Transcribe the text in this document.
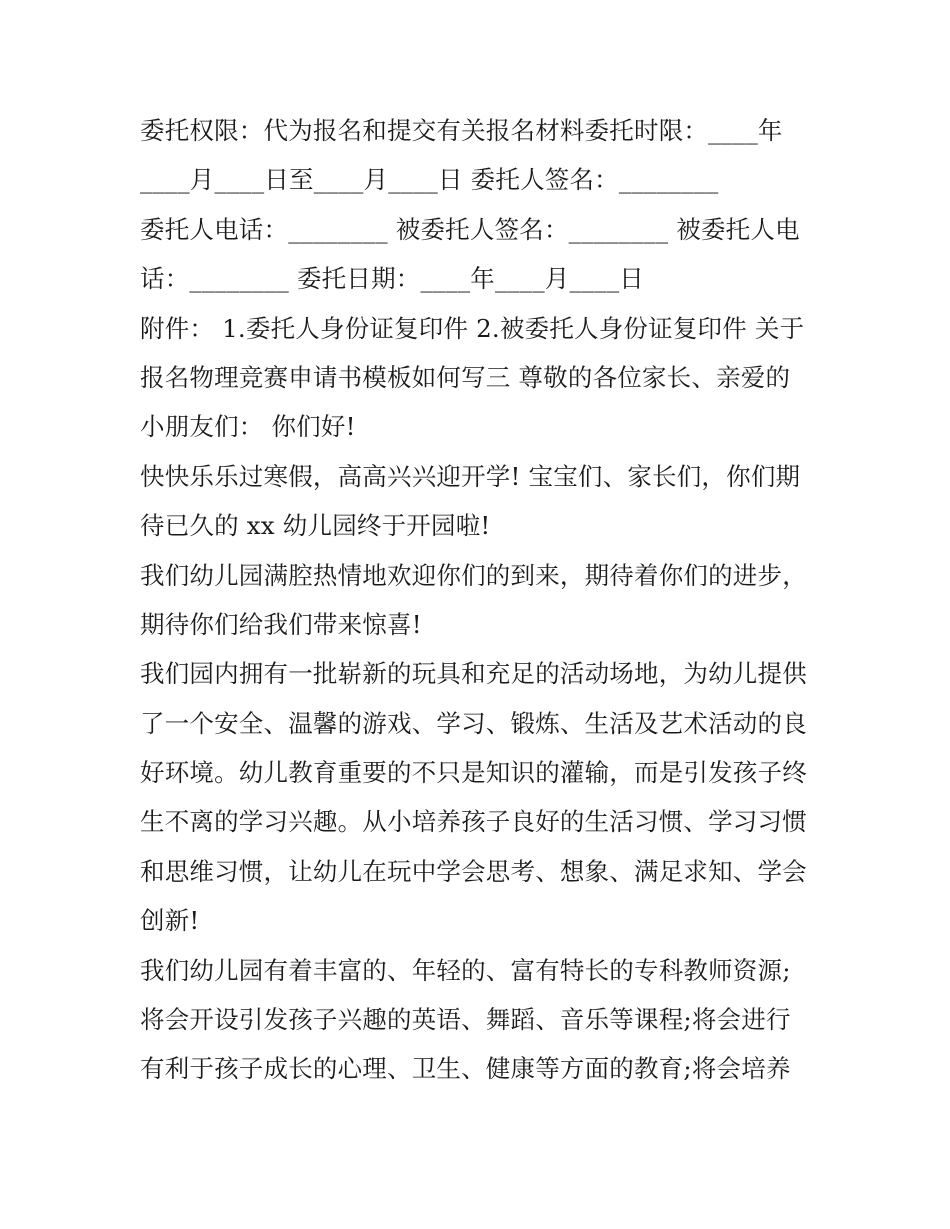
委托权限：代为报名和提交有关报名材料委托时限：____年
____月____日至____月____日 委托人签名：________
委托人电话：________ 被委托人签名：________ 被委托人电
话：________ 委托日期：____年____月____日
附件： 1.委托人身份证复印件 2.被委托人身份证复印件 关于
报名物理竞赛申请书模板如何写三 尊敬的各位家长、亲爱的
小朋友们： 你们好!
快快乐乐过寒假，高高兴兴迎开学! 宝宝们、家长们，你们期
待已久的 xx 幼儿园终于开园啦!
我们幼儿园满腔热情地欢迎你们的到来，期待着你们的进步，
期待你们给我们带来惊喜!
我们园内拥有一批崭新的玩具和充足的活动场地，为幼儿提供
了一个安全、温馨的游戏、学习、锻炼、生活及艺术活动的良
好环境。幼儿教育重要的不只是知识的灌输，而是引发孩子终
生不离的学习兴趣。从小培养孩子良好的生活习惯、学习习惯
和思维习惯，让幼儿在玩中学会思考、想象、满足求知、学会
创新!
我们幼儿园有着丰富的、年轻的、富有特长的专科教师资源;
将会开设引发孩子兴趣的英语、舞蹈、音乐等课程;将会进行
有利于孩子成长的心理、卫生、健康等方面的教育;将会培养
